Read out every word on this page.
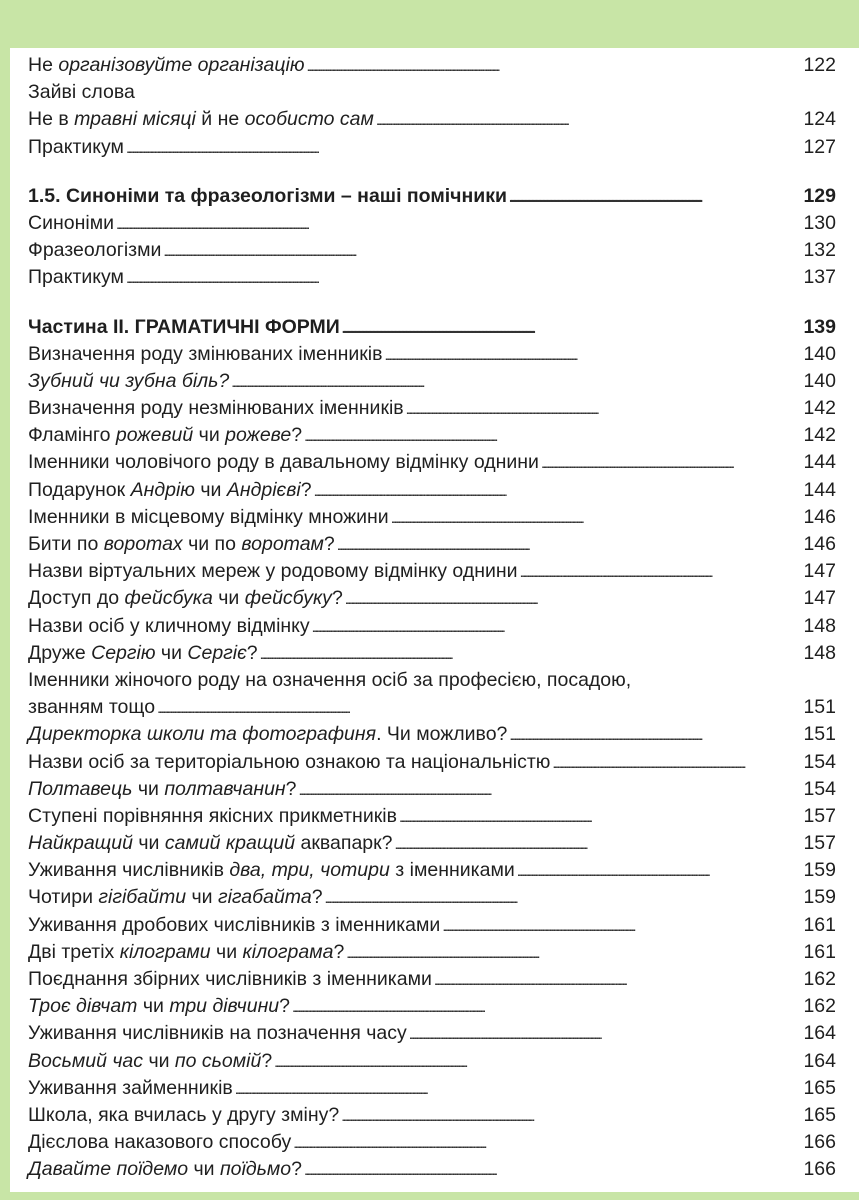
Не організовуйте організацію . . .	122
Зайві слова
Не в травні місяці й не особисто сам . . .	124
Практикум . . .	127
1.5. Синоніми та фразеологізми – наші помічники . . .	129
Синоніми . . .	130
Фразеологізми . . .	132
Практикум . . .	137
Частина ІІ. ГРАМАТИЧНІ ФОРМИ . . .	139
Визначення роду змінюваних іменників . . .	140
Зубний чи зубна біль? . . .	140
Визначення роду незмінюваних іменників . . .	142
Фламінго рожевий чи рожеве? . . .	142
Іменники чоловічого роду в давальному відмінку однини . . .	144
Подарунок Андрію чи Андрієві? . . .	144
Іменники в місцевому відмінку множини . . .	146
Бити по воротах чи по воротам? . . .	146
Назви віртуальних мереж у родовому відмінку однини . . .	147
Доступ до фейсбука чи фейсбуку? . . .	147
Назви осіб у кличному відмінку . . .	148
Друже Сергію чи Сергіє? . . .	148
Іменники жіночого роду на означення осіб за професією, посадою,
званням тощо . . .	151
Директорка школи та фотографиня. Чи можливо? . . .	151
Назви осіб за територіальною ознакою та національністю . . .	154
Полтавець чи полтавчанин? . . .	154
Ступені порівняння якісних прикметників . . .	157
Найкращий чи самий кращий аквапарк? . . .	157
Уживання числівників два, три, чотири з іменниками . . .	159
Чотири гігібайти чи гігабайта? . . .	159
Уживання дробових числівників з іменниками . . .	161
Дві третіх кілограми чи кілограма? . . .	161
Поєднання збірних числівників з іменниками . . .	162
Троє дівчат чи три дівчини? . . .	162
Уживання числівників на позначення часу . . .	164
Восьмий час чи по сьомій? . . .	164
Уживання займенників . . .	165
Школа, яка вчилась у другу зміну? . . .	165
Дієслова наказового способу . . .	166
Давайте поїдемо чи поїдьмо? . . .	166
